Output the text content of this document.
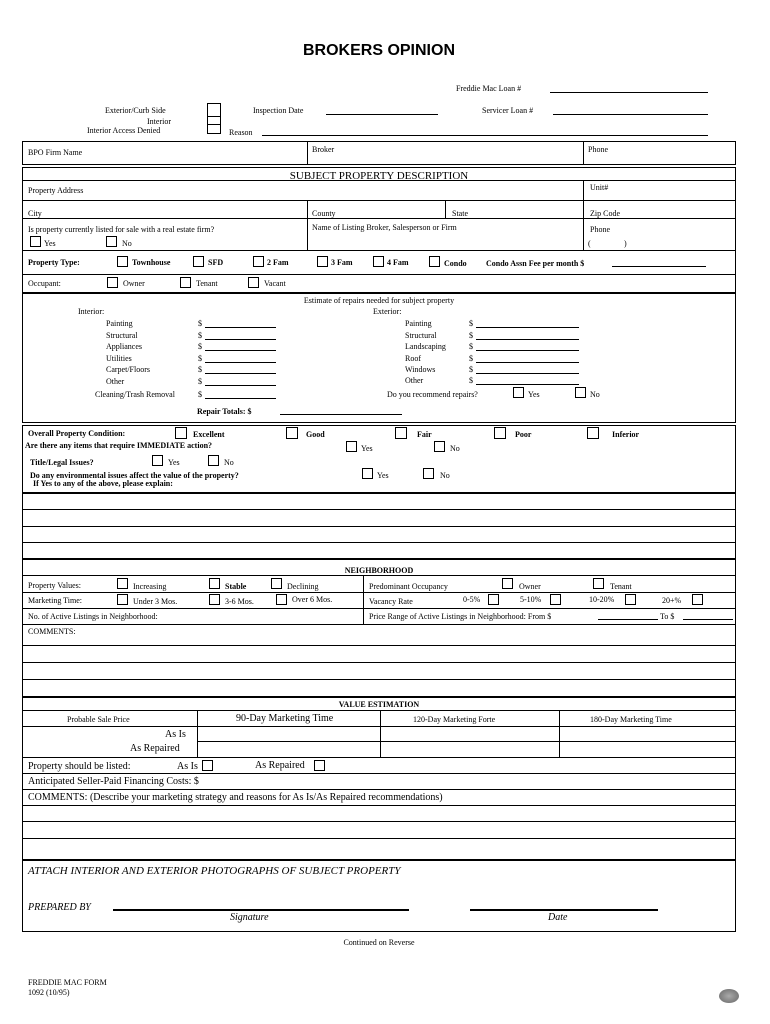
BROKERS OPINION
Freddie Mac Loan #
Exterior/Curb Side
Interior
Interior Access Denied
Inspection Date	Servicer Loan #
Reason
BPO Firm Name	Broker	Phone
SUBJECT PROPERTY DESCRIPTION
Property Address	Unit#
City	County	State	Zip Code
Is property currently listed for sale with a real estate firm?	Name of Listing Broker, Salesperson or Firm	Phone
Yes	No	(	)
Property Type:	Townhouse	SFD	2 Fam	3 Fam	4 Fam	Condo Condo Assn Fee per month $
Occupant:	Owner	Tenant	Vacant
Estimate of repairs needed for subject property
Interior:	Exterior:
Painting	$
Structural	$
Appliances	$
Utilities	$
Carpet/Floors	$
Other	$
Cleaning/Trash Removal	$
Painting	$
Structural	$
Landscaping	$
Roof	$
Windows	$
Other	$
Do you recommend repairs?	Yes	No
Repair Totals: $
Overall Property Condition:	Excellent	Good	Fair	Poor	Inferior
Are there any items that require IMMEDIATE action?	Yes	No
Title/Legal Issues?	Yes	No
Do any environmental issues affect the value of the property?	Yes	No
If Yes to any of the above, please explain:
NEIGHBORHOOD
Property Values:	Increasing	Stable	Declining	Predominant Occupancy	Owner	Tenant
Marketing Time:	Under 3 Mos.	3-6 Mos.	Over 6 Mos.	Vacancy Rate	0-5%	5-10%	10-20%	20+%
No. of Active Listings in Neighborhood:	Price Range of Active Listings in Neighborhood: From $	To $
COMMENTS:
VALUE ESTIMATION
Probable Sale Price	90-Day Marketing Time	120-Day Marketing Forte	180-Day Marketing Time
As Is
As Repaired
Property should be listed:	As Is	As Repaired
Anticipated Seller-Paid Financing Costs: $
COMMENTS: (Describe your marketing strategy and reasons for As Is/As Repaired recommendations)
ATTACH INTERIOR AND EXTERIOR PHOTOGRAPHS OF SUBJECT PROPERTY
PREPARED BY
Signature	Date
Continued on Reverse
FREDDIE MAC FORM
1092 (10/95)
